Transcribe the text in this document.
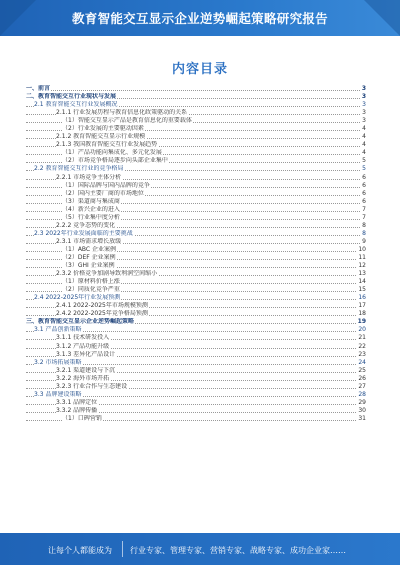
教育智能交互显示企业逆势崛起策略研究报告
内容目录
一、前言	3
二、教育智能交互行业现状与发展	3
2.1 教育智能交互行业发展概况	3
2.1.1 行业发展历程与教育信息化政策驱动的关系	3
（1）智能交互显示产品是教育信息化的重要载体	3
（2）行业发展的主要驱动因素	4
2.1.2 教育智能交互显示行业规模	4
2.1.3 我国教育智能交互行业发展趋势	4
（1）产品功能向集成化、多元化发展	4
（2）市场竞争格局逐步向头部企业集中	5
2.2 教育智能交互行业的竞争格局	5
2.2.1 市场竞争主体分析	6
（1）国际品牌与国内品牌的竞争	6
（2）国内主要厂商的市场地位	6
（3）渠道商与集成商	6
（4）新兴企业的进入	7
（5）行业集中度分析	7
2.2.2 竞争态势的变化	8
2.3 2022年行业发展面临的主要挑战	8
2.3.1 市场需求增长放缓	9
（1）ABC 企业案例	10
（2）DEF 企业案例	11
（3）GHI 企业案例	12
2.3.2 价格竞争加剧导致利润空间缩小	13
（1）原材料价格上涨	14
（2）同质化竞争严重	15
2.4 2022-2025年行业发展预测	16
2.4.1 2022-2025年市场规模预测	17
2.4.2 2022-2025年竞争格局预测	18
三、教育智能交互显示企业逆势崛起策略	19
3.1 产品创新策略	20
3.1.1 技术研发投入	21
3.1.2 产品功能升级	22
3.1.3 差异化产品设计	23
3.2 市场拓展策略	24
3.2.1 渠道建设与下沉	25
3.2.2 海外市场开拓	26
3.2.3 行业合作与生态建设	27
3.3 品牌建设策略	28
3.3.1 品牌定位	29
3.3.2 品牌传播	30
（1）口碑营销	31
让每个人都能成为 行业专家、管理专家、营销专家、战略专家、成功企业家……
